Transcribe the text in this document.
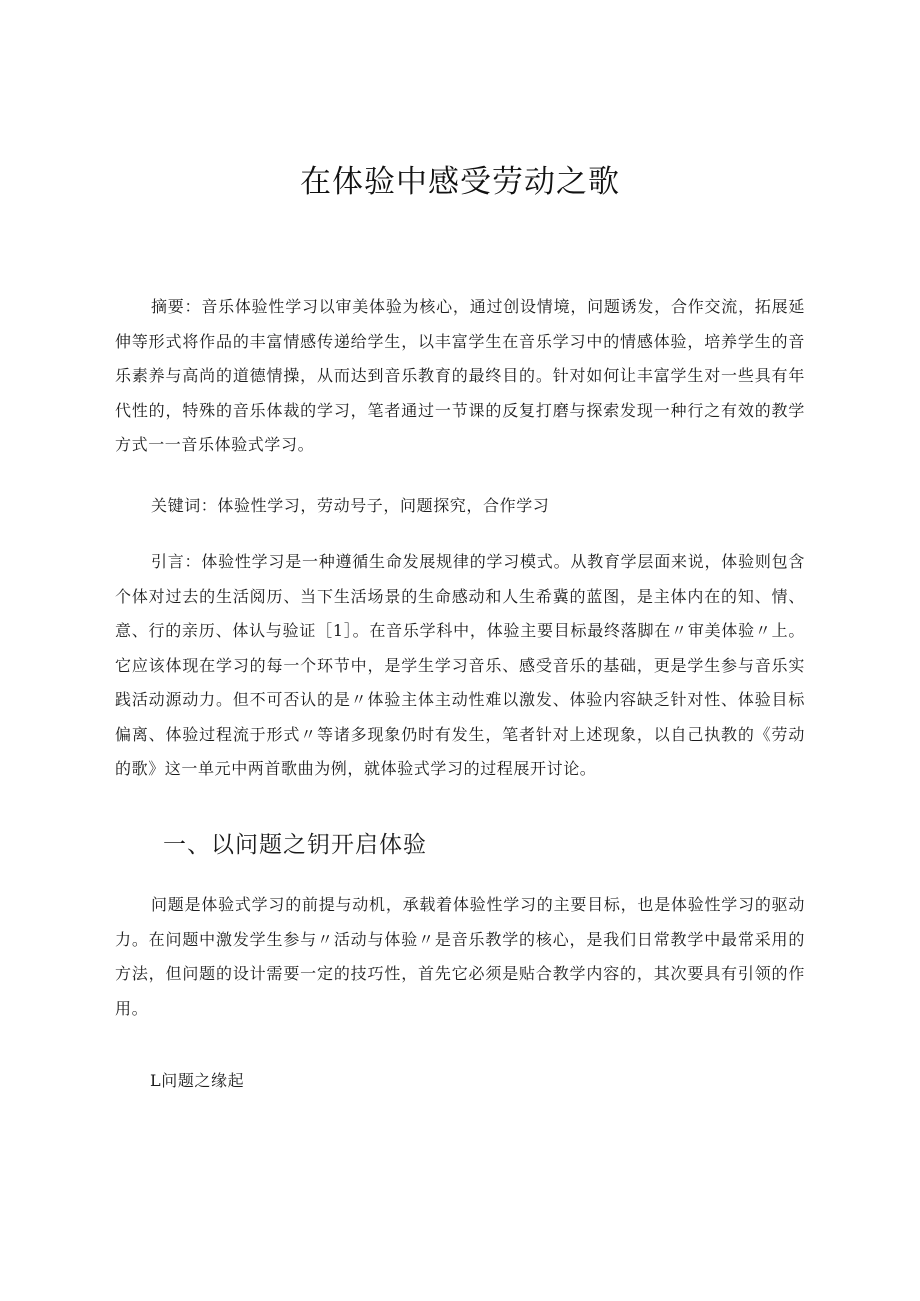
在体验中感受劳动之歌

摘要：音乐体验性学习以审美体验为核心，通过创设情境，问题诱发，合作交流，拓展延伸等形式将作品的丰富情感传递给学生，以丰富学生在音乐学习中的情感体验，培养学生的音乐素养与高尚的道德情操，从而达到音乐教育的最终目的。针对如何让丰富学生对一些具有年代性的，特殊的音乐体裁的学习，笔者通过一节课的反复打磨与探索发现一种行之有效的教学方式一一音乐体验式学习。

关键词：体验性学习，劳动号子，问题探究，合作学习

引言：体验性学习是一种遵循生命发展规律的学习模式。从教育学层面来说，体验则包含个体对过去的生活阅历、当下生活场景的生命感动和人生希冀的蓝图，是主体内在的知、情、意、行的亲历、体认与验证［1］。在音乐学科中，体验主要目标最终落脚在〃审美体验〃上。它应该体现在学习的每一个环节中，是学生学习音乐、感受音乐的基础，更是学生参与音乐实践活动源动力。但不可否认的是〃体验主体主动性难以激发、体验内容缺乏针对性、体验目标偏离、体验过程流于形式〃等诸多现象仍时有发生，笔者针对上述现象，以自己执教的《劳动的歌》这一单元中两首歌曲为例，就体验式学习的过程展开讨论。

一、以问题之钥开启体验

问题是体验式学习的前提与动机，承载着体验性学习的主要目标，也是体验性学习的驱动力。在问题中激发学生参与〃活动与体验〃是音乐教学的核心，是我们日常教学中最常采用的方法，但问题的设计需要一定的技巧性，首先它必须是贴合教学内容的，其次要具有引领的作用。

L问题之缘起
